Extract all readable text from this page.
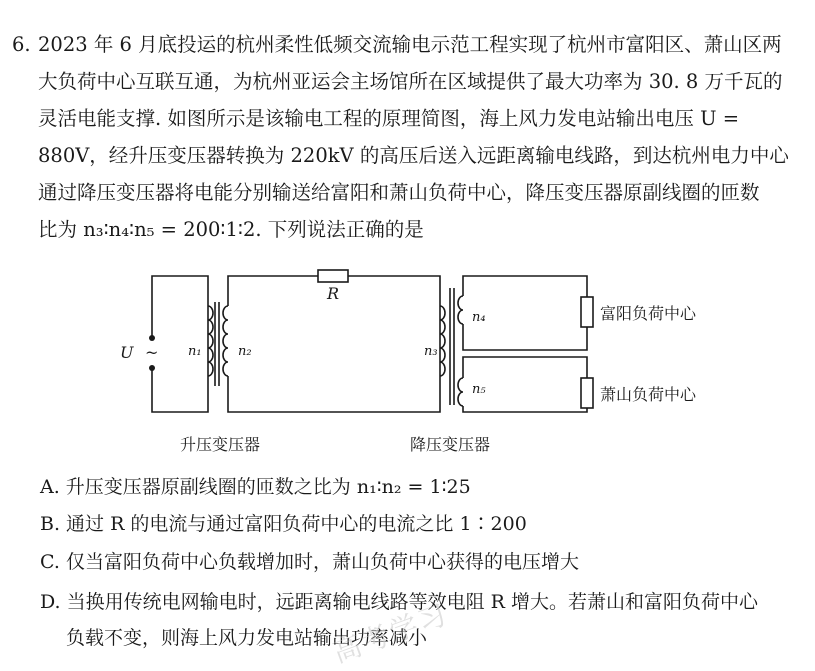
6. 2023 年 6 月底投运的杭州柔性低频交流输电示范工程实现了杭州市富阳区、萧山区两
大负荷中心互联互通，为杭州亚运会主场馆所在区域提供了最大功率为 30. 8 万千瓦的
灵活电能支撑. 如图所示是该输电工程的原理简图，海上风力发电站输出电压 U =
880V，经升压变压器转换为 220kV 的高压后送入远距离输电线路，到达杭州电力中心
通过降压变压器将电能分别输送给富阳和萧山负荷中心，降压变压器原副线圈的匝数
比为 n₃∶n₄∶n₅ = 200∶1∶2. 下列说法正确的是
U ~
R
n₁	n₂	n₃
n₄
n₅
富阳负荷中心
萧山负荷中心
升压变压器	降压变压器
A. 升压变压器原副线圈的匝数之比为 n₁∶n₂ = 1∶25
B. 通过 R 的电流与通过富阳负荷中心的电流之比 1∶200
C. 仅当富阳负荷中心负载增加时，萧山负荷中心获得的电压增大
D. 当换用传统电网输电时，远距离输电线路等效电阻 R 增大。若萧山和富阳负荷中心
负载不变，则海上风力发电站输出功率减小
高考学习
